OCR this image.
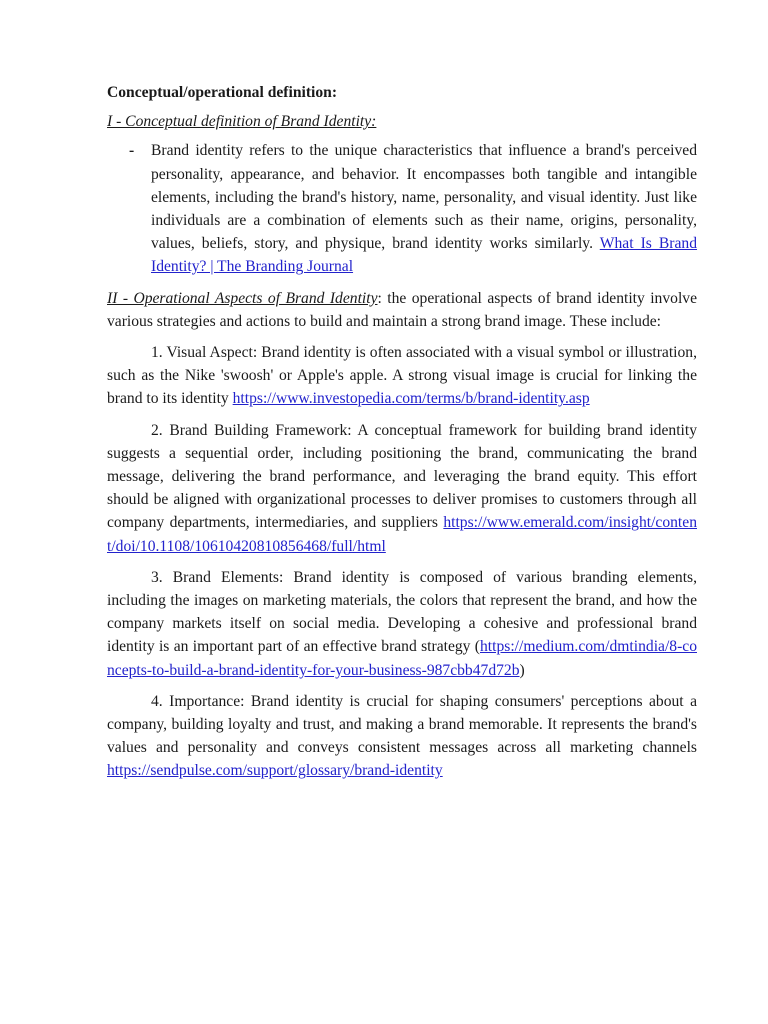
Conceptual/operational definition:

I - Conceptual definition of Brand Identity:

- Brand identity refers to the unique characteristics that influence a brand's perceived personality, appearance, and behavior. It encompasses both tangible and intangible elements, including the brand's history, name, personality, and visual identity. Just like individuals are a combination of elements such as their name, origins, personality, values, beliefs, story, and physique, brand identity works similarly. What Is Brand Identity? | The Branding Journal

II - Operational Aspects of Brand Identity: the operational aspects of brand identity involve various strategies and actions to build and maintain a strong brand image. These include:

1. Visual Aspect: Brand identity is often associated with a visual symbol or illustration, such as the Nike 'swoosh' or Apple's apple. A strong visual image is crucial for linking the brand to its identity https://www.investopedia.com/terms/b/brand-identity.asp

2. Brand Building Framework: A conceptual framework for building brand identity suggests a sequential order, including positioning the brand, communicating the brand message, delivering the brand performance, and leveraging the brand equity. This effort should be aligned with organizational processes to deliver promises to customers through all company departments, intermediaries, and suppliers https://www.emerald.com/insight/content/doi/10.1108/10610420810856468/full/html

3. Brand Elements: Brand identity is composed of various branding elements, including the images on marketing materials, the colors that represent the brand, and how the company markets itself on social media. Developing a cohesive and professional brand identity is an important part of an effective brand strategy (https://medium.com/dmtindia/8-concepts-to-build-a-brand-identity-for-your-business-987cbb47d72b)

4. Importance: Brand identity is crucial for shaping consumers' perceptions about a company, building loyalty and trust, and making a brand memorable. It represents the brand's values and personality and conveys consistent messages across all marketing channels https://sendpulse.com/support/glossary/brand-identity
